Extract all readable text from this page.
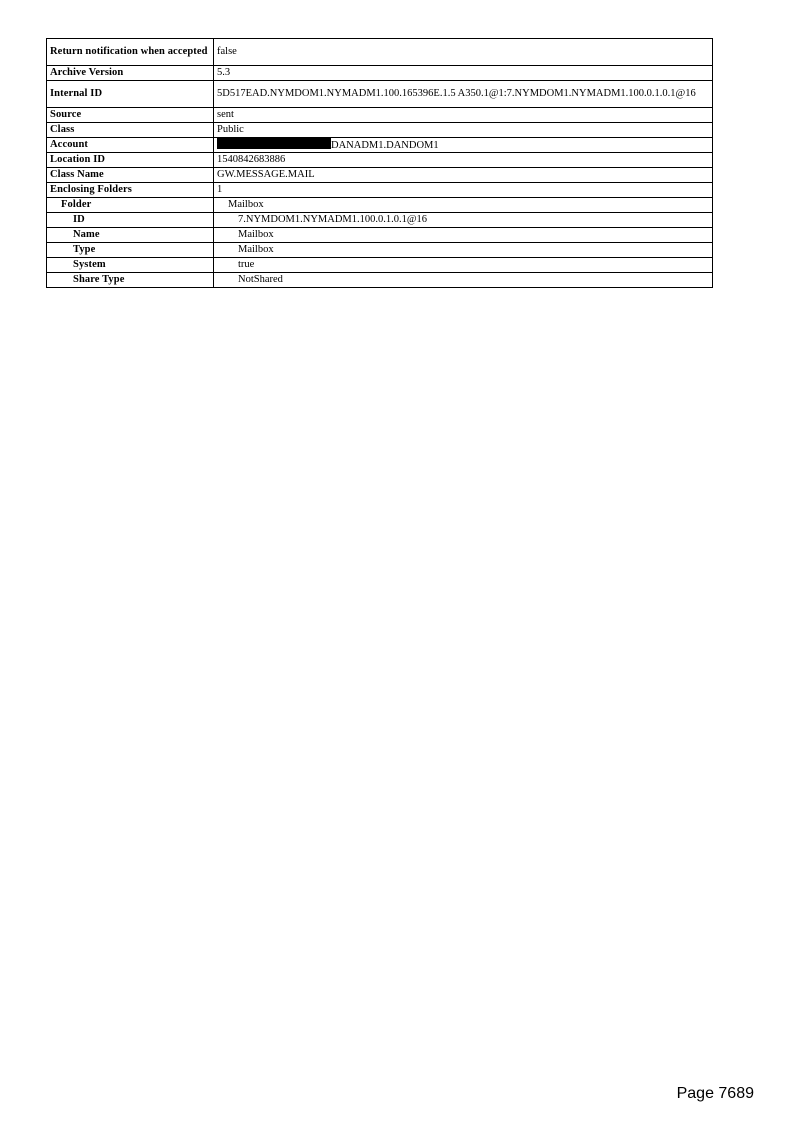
Return notification when accepted	false
Archive Version	5.3
Internal ID	5D517EAD.NYMDOM1.NYMADM1.100.165396E.1.5 A350.1@1:7.NYMDOM1.NYMADM1.100.0.1.0.1@16
Source	sent
Class	Public
Account	DANADM1.DANDOM1
Location ID	1540842683886
Class Name	GW.MESSAGE.MAIL
Enclosing Folders	1
Folder	Mailbox
ID	7.NYMDOM1.NYMADM1.100.0.1.0.1@16
Name	Mailbox
Type	Mailbox
System	true
Share Type	NotShared
Page 7689
